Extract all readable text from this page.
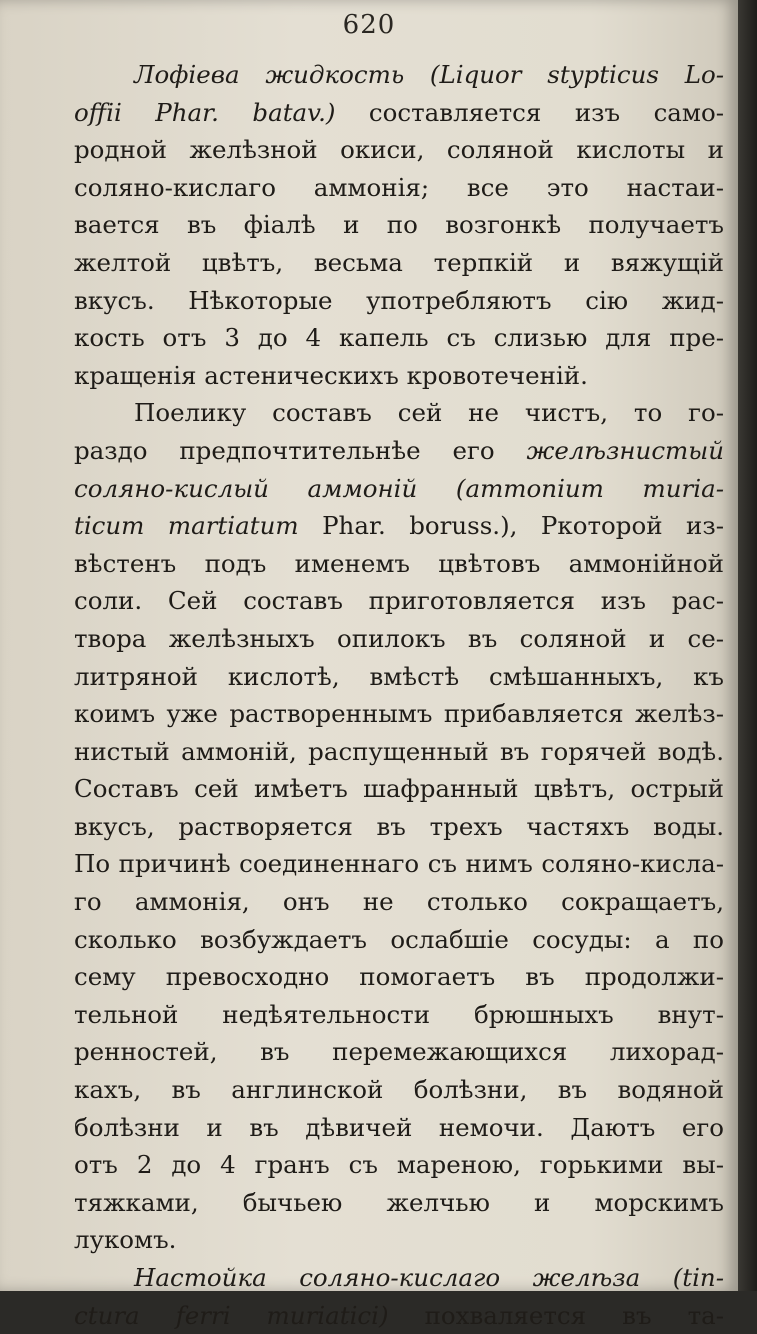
620
Лофіева жидкость (Liquor stypticus Lo-
offii Phar. batav.) составляется изъ само-
родной желѣзной окиси, соляной кислоты и
соляно-кислаго аммонія; все это настаи-
вается въ фіалѣ и по возгонкѣ получаетъ
желтой цвѣтъ, весьма терпкій и вяжущій
вкусъ. Нѣкоторые употребляютъ сію жид-
кость отъ 3 до 4 капель съ слизью для пре-
кращенія астеническихъ кровотеченій.
Поелику составъ сей не чистъ, то го-
раздо предпочтительнѣе его желѣзнистый
соляно-кислый аммоній (ammonium muria-
ticum martiatum Phar. boruss.), Ркоторой из-
вѣстенъ подъ именемъ цвѣтовъ аммонійной
соли. Сей составъ приготовляется изъ рас-
твора желѣзныхъ опилокъ въ соляной и се-
литряной кислотѣ, вмѣстѣ смѣшанныхъ, къ
коимъ уже раствореннымъ прибавляется желѣз-
нистый аммоній, распущенный въ горячей водѣ.
Составъ сей имѣетъ шафранный цвѣтъ, острый
вкусъ, растворяется въ трехъ частяхъ воды.
По причинѣ соединеннаго съ нимъ соляно-кисла-
го аммонія, онъ не столько сокращаетъ,
сколько возбуждаетъ ослабшіе сосуды: а по
сему превосходно помогаетъ въ продолжи-
тельной недѣятельности брюшныхъ внут-
ренностей, въ перемежающихся лихорад-
кахъ, въ англинской болѣзни, въ водяной
болѣзни и въ дѣвичей немочи. Даютъ его
отъ 2 до 4 гранъ съ мареною, горькими вы-
тяжками, бычьею желчью и морскимъ
лукомъ.
Настойка соляно-кислаго желѣза (tin-
ctura ferri muriatici) похваляется въ та-
